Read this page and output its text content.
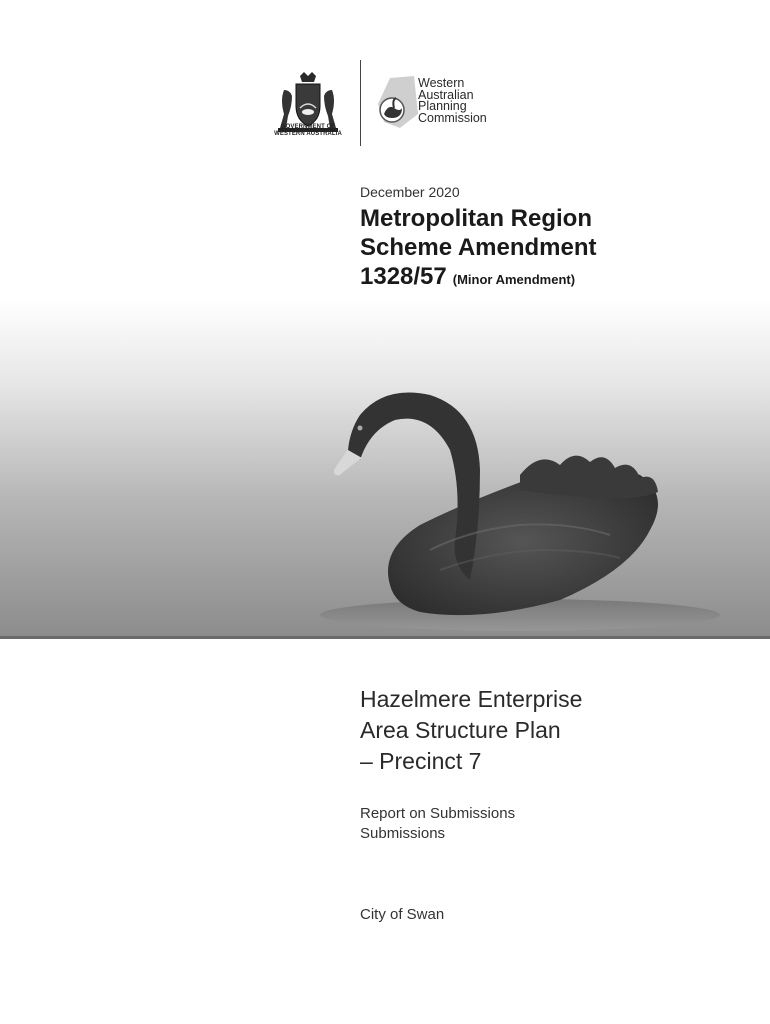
GOVERNMENT OF
WESTERN AUSTRALIA
Western
Australian
Planning
Commission
December 2020
Metropolitan Region
Scheme Amendment
1328/57 (Minor Amendment)
Hazelmere Enterprise
Area Structure Plan
– Precinct 7
Report on Submissions
Submissions
City of Swan
